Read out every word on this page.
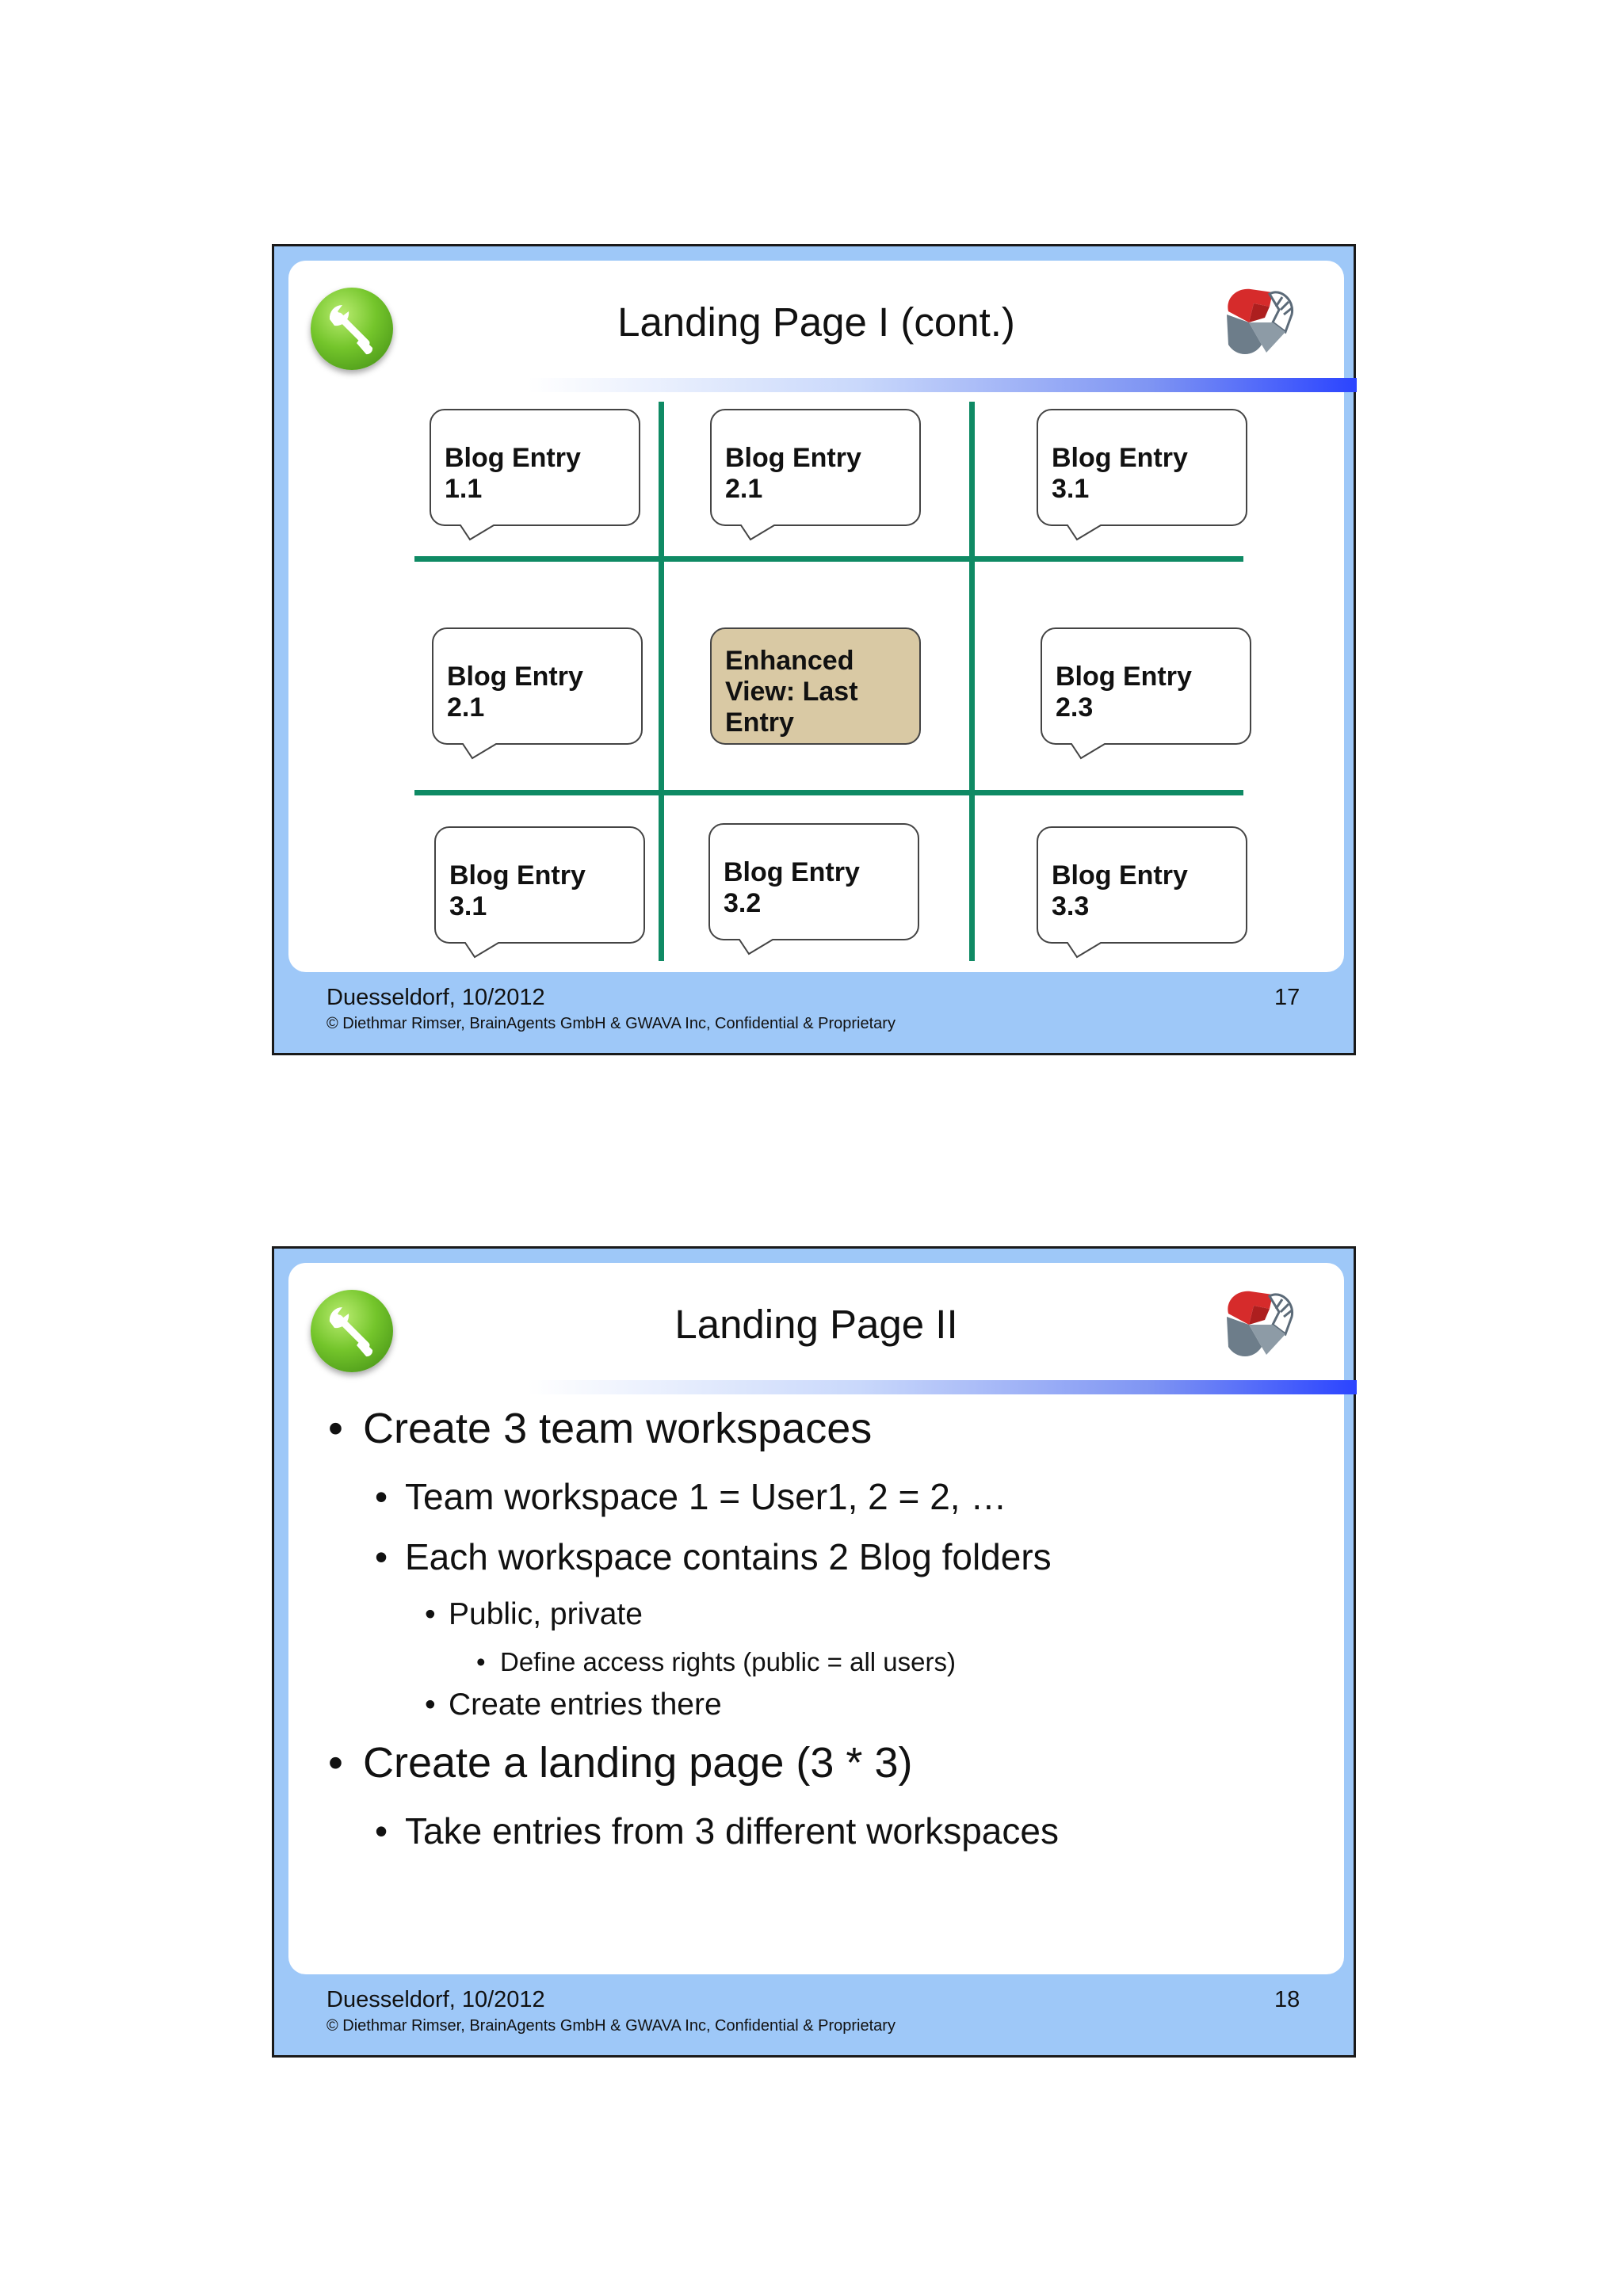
Landing Page I (cont.)
Blog Entry
1.1
Blog Entry
2.1
Blog Entry
3.1
Blog Entry
2.1
Enhanced
View: Last
Entry
Blog Entry
2.3
Blog Entry
3.1
Blog Entry
3.2
Blog Entry
3.3
Duesseldorf, 10/2012
© Diethmar Rimser, BrainAgents GmbH & GWAVA Inc, Confidential & Proprietary
17
Landing Page II
• Create 3 team workspaces
• Team workspace 1 = User1, 2 = 2, …
• Each workspace contains 2 Blog folders
• Public, private
• Define access rights (public = all users)
• Create entries there
• Create a landing page (3 * 3)
• Take entries from 3 different workspaces
Duesseldorf, 10/2012
© Diethmar Rimser, BrainAgents GmbH & GWAVA Inc, Confidential & Proprietary
18
